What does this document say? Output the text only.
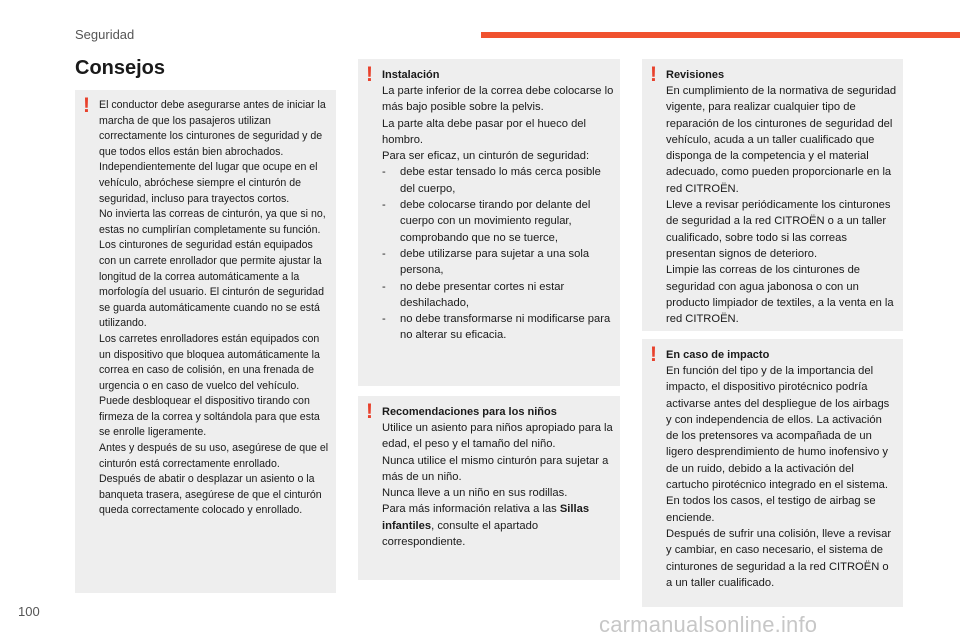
Seguridad
Consejos
! El conductor debe asegurarse antes de iniciar la marcha de que los pasajeros utilizan correctamente los cinturones de seguridad y de que todos ellos están bien abrochados.

Independientemente del lugar que ocupe en el vehículo, abróchese siempre el cinturón de seguridad, incluso para trayectos cortos.

No invierta las correas de cinturón, ya que si no, estas no cumplirían completamente su función.

Los cinturones de seguridad están equipados con un carrete enrollador que permite ajustar la longitud de la correa automáticamente a la morfología del usuario. El cinturón de seguridad se guarda automáticamente cuando no se está utilizando.

Los carretes enrolladores están equipados con un dispositivo que bloquea automáticamente la correa en caso de colisión, en una frenada de urgencia o en caso de vuelco del vehículo. Puede desbloquear el dispositivo tirando con firmeza de la correa y soltándola para que esta se enrolle ligeramente.

Antes y después de su uso, asegúrese de que el cinturón está correctamente enrollado.

Después de abatir o desplazar un asiento o la banqueta trasera, asegúrese de que el cinturón queda correctamente colocado y enrollado.

! Instalación

La parte inferior de la correa debe colocarse lo más bajo posible sobre la pelvis.

La parte alta debe pasar por el hueco del hombro.

Para ser eficaz, un cinturón de seguridad:

- debe estar tensado lo más cerca posible del cuerpo,
- debe colocarse tirando por delante del cuerpo con un movimiento regular, comprobando que no se tuerce,
- debe utilizarse para sujetar a una sola persona,
- no debe presentar cortes ni estar deshilachado,
- no debe transformarse ni modificarse para no alterar su eficacia.
! Recomendaciones para los niños

Utilice un asiento para niños apropiado para la edad, el peso y el tamaño del niño.

Nunca utilice el mismo cinturón para sujetar a más de un niño.

Nunca lleve a un niño en sus rodillas.

Para más información relativa a las Sillas infantiles, consulte el apartado correspondiente.

! Revisiones

En cumplimiento de la normativa de seguridad vigente, para realizar cualquier tipo de reparación de los cinturones de seguridad del vehículo, acuda a un taller cualificado que disponga de la competencia y el material adecuado, como pueden proporcionarle en la red CITROËN.

Lleve a revisar periódicamente los cinturones de seguridad a la red CITROËN o a un taller cualificado, sobre todo si las correas presentan signos de deterioro.

Limpie las correas de los cinturones de seguridad con agua jabonosa o con un producto limpiador de textiles, a la venta en la red CITROËN.

! En caso de impacto

En función del tipo y de la importancia del impacto, el dispositivo pirotécnico podría activarse antes del despliegue de los airbags y con independencia de ellos. La activación de los pretensores va acompañada de un ligero desprendimiento de humo inofensivo y de un ruido, debido a la activación del cartucho pirotécnico integrado en el sistema.

En todos los casos, el testigo de airbag se enciende.

Después de sufrir una colisión, lleve a revisar y cambiar, en caso necesario, el sistema de cinturones de seguridad a la red CITROËN o a un taller cualificado.

100
carmanualsonline.info
